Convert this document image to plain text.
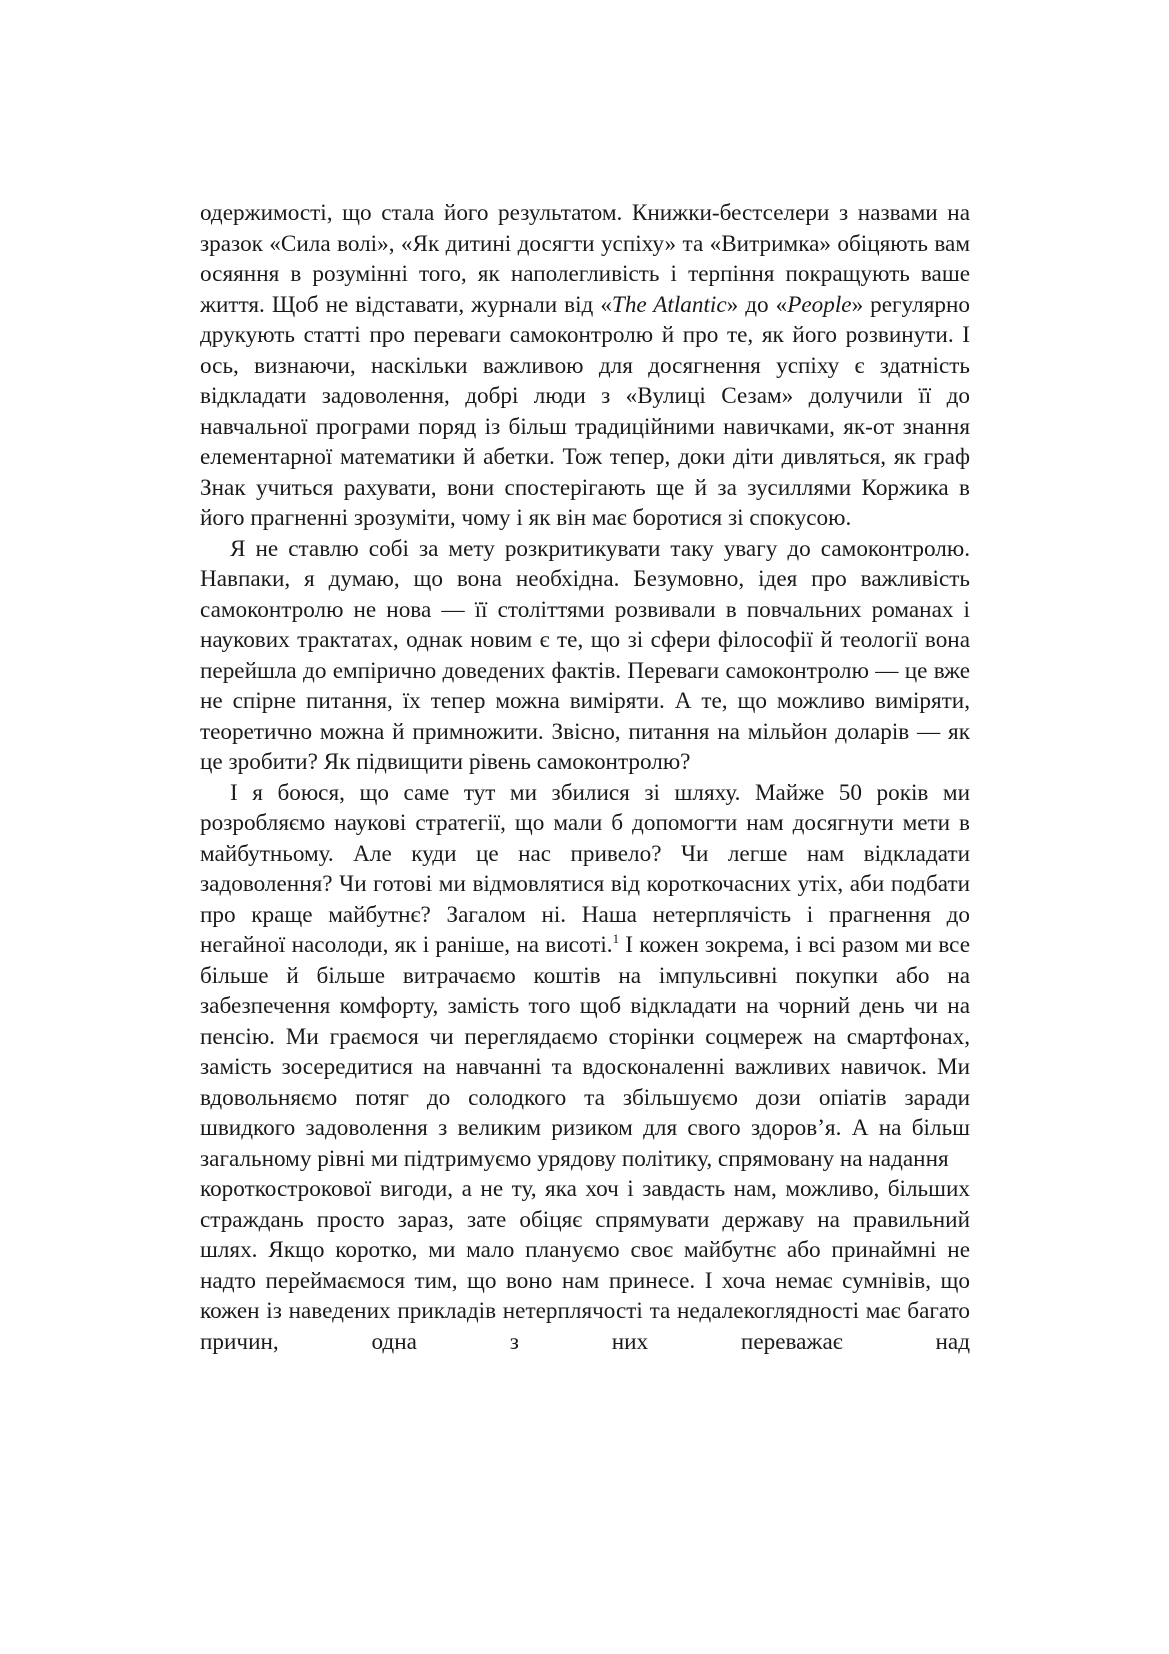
одержимості, що стала його результатом. Книжки-бестселери з назвами на зразок «Сила волі», «Як дитині досягти успіху» та «Витримка» обіцяють вам осяяння в розумінні того, як наполегливість і терпіння покращують ваше життя. Щоб не відставати, журнали від «The Atlantic» до «People» регулярно друкують статті про переваги самоконтролю й про те, як його розвинути. І ось, визнаючи, наскільки важливою для досягнення успіху є здатність відкладати задоволення, добрі люди з «Вулиці Сезам» долучили її до навчальної програми поряд із більш традиційними навичками, як-от знання елементарної математики й абетки. Тож тепер, доки діти дивляться, як граф Знак учиться рахувати, вони спостерігають ще й за зусиллями Коржика в його прагненні зрозуміти, чому і як він має боротися зі спокусою.

Я не ставлю собі за мету розкритикувати таку увагу до самоконтролю. Навпаки, я думаю, що вона необхідна. Безумовно, ідея про важливість самоконтролю не нова — її століттями розвивали в повчальних романах і наукових трактатах, однак новим є те, що зі сфери філософії й теології вона перейшла до емпірично доведених фактів. Переваги самоконтролю — це вже не спірне питання, їх тепер можна виміряти. А те, що можливо виміряти, теоретично можна й примножити. Звісно, питання на мільйон доларів — як це зробити? Як підвищити рівень самоконтролю?

І я боюся, що саме тут ми збилися зі шляху. Майже 50 років ми розробляємо наукові стратегії, що мали б допомогти нам досягнути мети в майбутньому. Але куди це нас привело? Чи легше нам відкладати задоволення? Чи готові ми відмовлятися від короткочасних утіх, аби подбати про краще майбутнє? Загалом ні. Наша нетерплячість і прагнення до негайної насолоди, як і раніше, на висоті.$^1$ І кожен зокрема, і всі разом ми все більше й більше витрачаємо коштів на імпульсивні покупки або на забезпечення комфорту, замість того щоб відкладати на чорний день чи на пенсію. Ми граємося чи переглядаємо сторінки соцмереж на смартфонах, замість зосередитися на навчанні та вдосконаленні важливих навичок. Ми вдовольняємо потяг до солодкого та збільшуємо дози опіатів заради швидкого задоволення з великим ризиком для свого здоров’я. А на більш загальному рівні ми підтримуємо урядову політику, спрямовану на надання

короткострокової вигоди, а не ту, яка хоч і завдасть нам, можливо, більших страждань просто зараз, зате обіцяє спрямувати державу на правильний шлях. Якщо коротко, ми мало плануємо своє майбутнє або принаймні не надто переймаємося тим, що воно нам принесе. І хоча немає сумнівів, що кожен із наведених прикладів нетерплячості та недалекоглядності має багато причин, одна з них переважає над
